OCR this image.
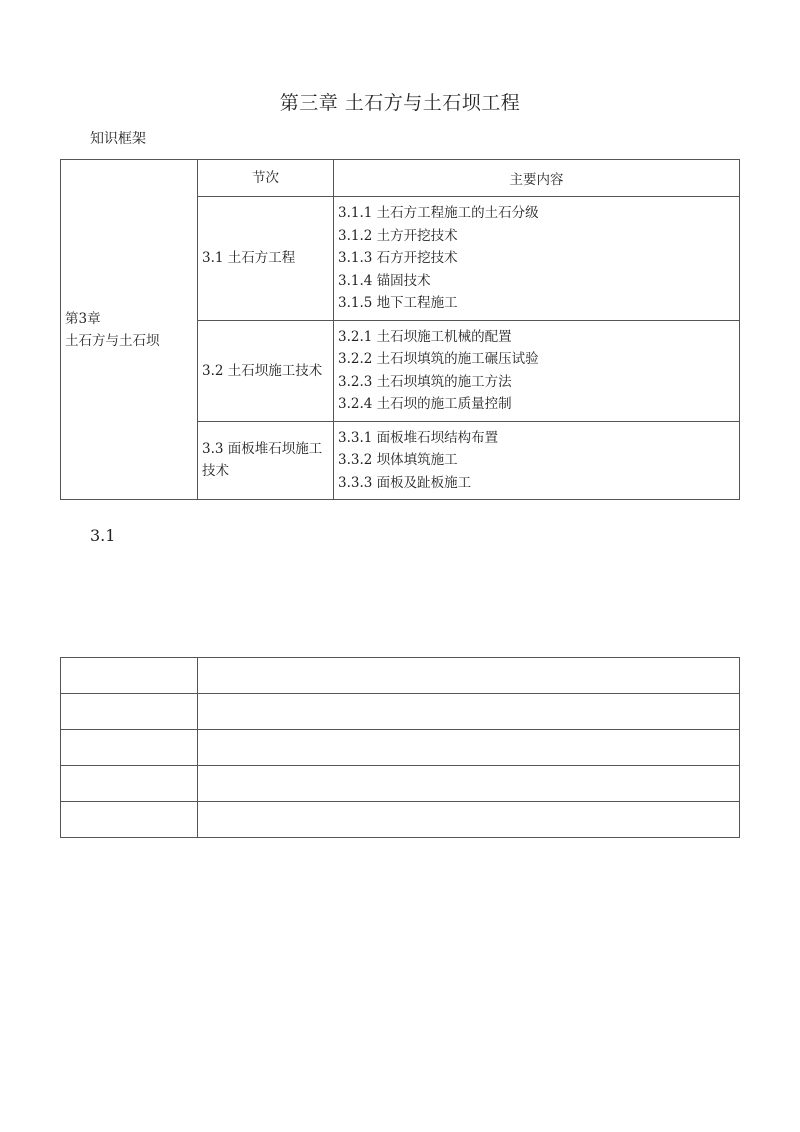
第三章 土石方与土石坝工程
知识框架
第3章
土石方与土石坝	节次	主要内容
	3.1 土石方工程	3.1.1 土石方工程施工的土石分级
3.1.2 土方开挖技术
3.1.3 石方开挖技术
3.1.4 锚固技术
3.1.5 地下工程施工

	3.2 土石坝施工技术	3.2.1 土石坝施工机械的配置
3.2.2 土石坝填筑的施工碾压试验
3.2.3 土石坝填筑的施工方法
3.2.4 土石坝的施工质量控制

	3.3 面板堆石坝施工技术	3.3.1 面板堆石坝结构布置
3.3.2 坝体填筑施工
3.3.3 面板及趾板施工
3.1
